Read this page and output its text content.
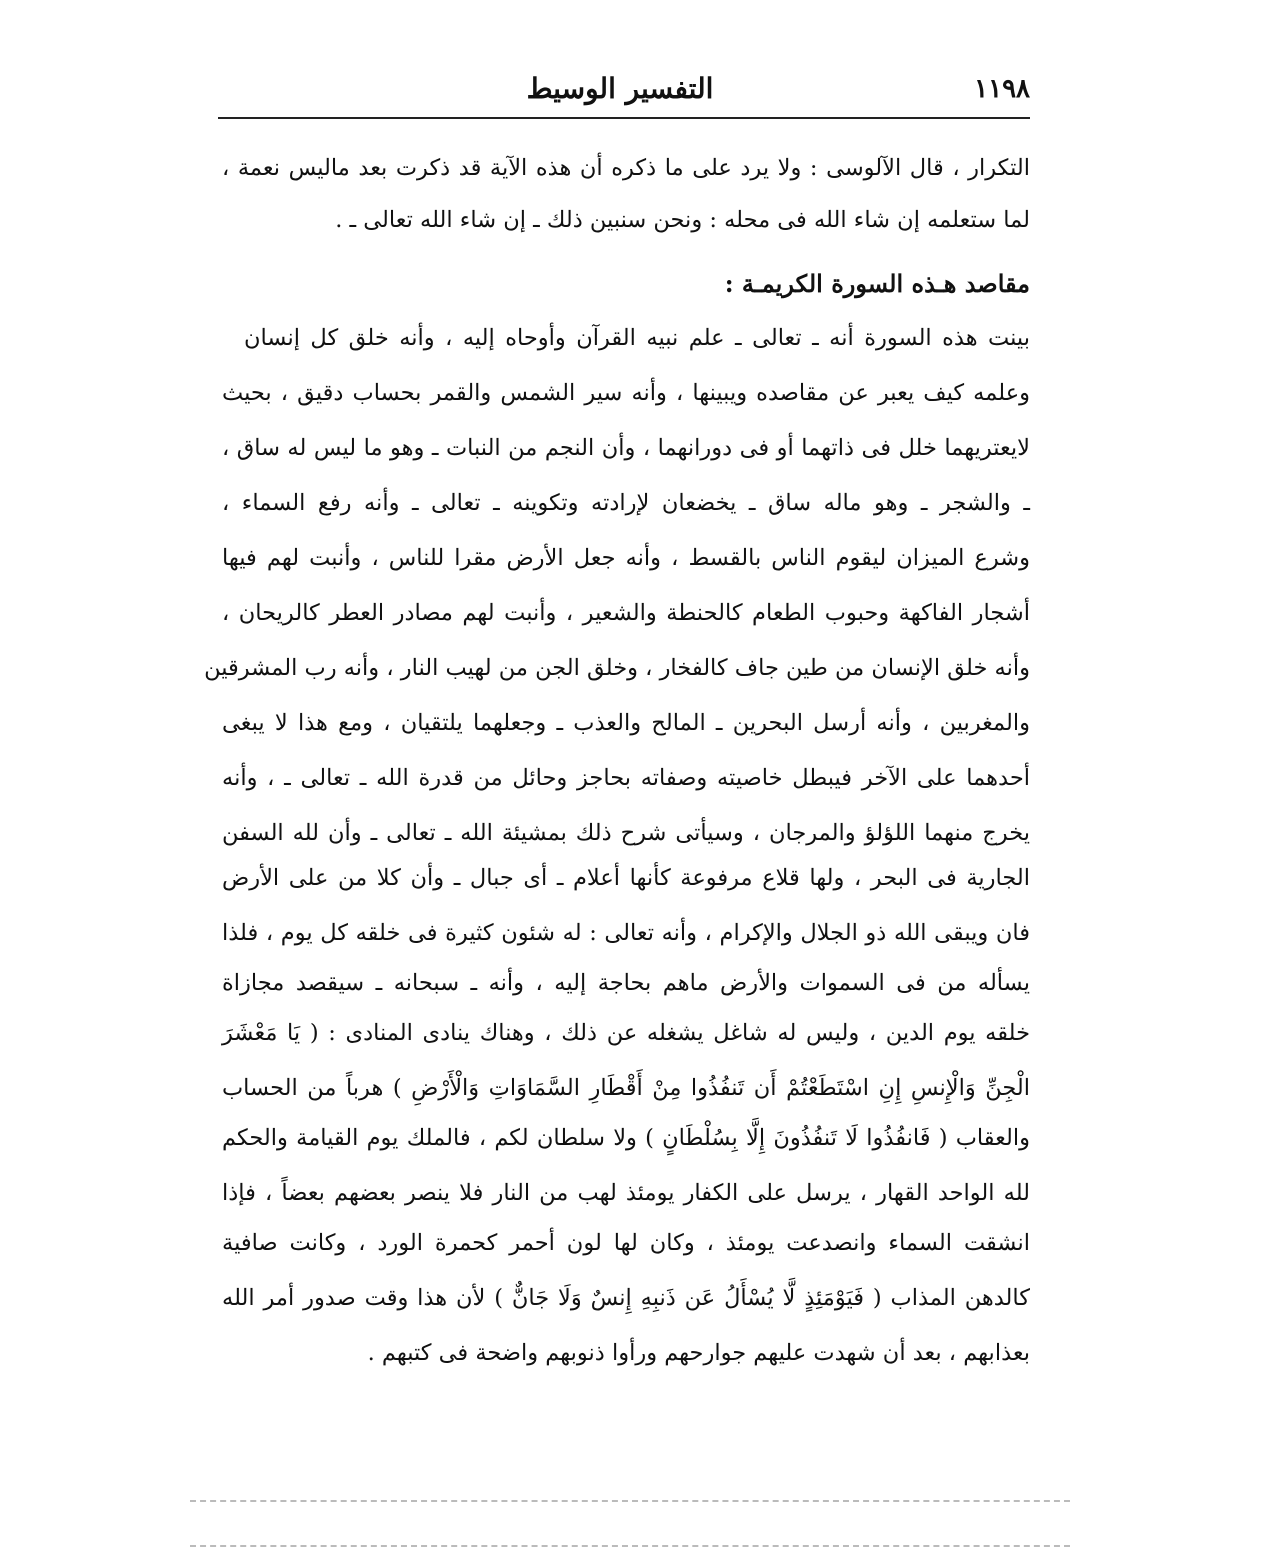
١١٩٨
التفسير الوسيط
التكرار ، قال الآلوسى : ولا يرد على ما ذكره أن هذه الآية قد ذكرت بعد ماليس نعمة ،
لما ستعلمه إن شاء الله فى محله : ونحن سنبين ذلك ـ إن شاء الله تعالى ـ .
مقاصد هـذه السورة الكريمـة :
بينت هذه السورة أنه ـ تعالى ـ علم نبيه القرآن وأوحاه إليه ، وأنه خلق كل إنسان
وعلمه كيف يعبر عن مقاصده ويبينها ، وأنه سير الشمس والقمر بحساب دقيق ، بحيث
لايعتريهما خلل فى ذاتهما أو فى دورانهما ، وأن النجم من النبات ـ وهو ما ليس له ساق ،
ـ والشجر ـ وهو ماله ساق ـ يخضعان لإرادته وتكوينه ـ تعالى ـ وأنه رفع السماء ،
وشرع الميزان ليقوم الناس بالقسط ، وأنه جعل الأرض مقرا للناس ، وأنبت لهم فيها
أشجار الفاكهة وحبوب الطعام كالحنطة والشعير ، وأنبت لهم مصادر العطر كالريحان ،
وأنه خلق الإنسان من طين جاف كالفخار ، وخلق الجن من لهيب النار ، وأنه رب المشرقين
والمغربين ، وأنه أرسل البحرين ـ المالح والعذب ـ وجعلهما يلتقيان ، ومع هذا لا يبغى
أحدهما على الآخر فيبطل خاصيته وصفاته بحاجز وحائل من قدرة الله ـ تعالى ـ ، وأنه
يخرج منهما اللؤلؤ والمرجان ، وسيأتى شرح ذلك بمشيئة الله ـ تعالى ـ وأن لله السفن
الجارية فى البحر ، ولها قلاع مرفوعة كأنها أعلام ـ أى جبال ـ وأن كلا من على الأرض
فان ويبقى الله ذو الجلال والإكرام ، وأنه تعالى : له شئون كثيرة فى خلقه كل يوم ، فلذا
يسأله من فى السموات والأرض ماهم بحاجة إليه ، وأنه ـ سبحانه ـ سيقصد مجازاة
خلقه يوم الدين ، وليس له شاغل يشغله عن ذلك ، وهناك ينادى المنادى : ( يَا مَعْشَرَ
الْجِنِّ وَالْإِنسِ إِنِ اسْتَطَعْتُمْ أَن تَنفُذُوا مِنْ أَقْطَارِ السَّمَاوَاتِ وَالْأَرْضِ ) هرباً من الحساب
والعقاب ( فَانفُذُوا لَا تَنفُذُونَ إِلَّا بِسُلْطَانٍ ) ولا سلطان لكم ، فالملك يوم القيامة والحكم
لله الواحد القهار ، يرسل على الكفار يومئذ لهب من النار فلا ينصر بعضهم بعضاً ، فإذا
انشقت السماء وانصدعت يومئذ ، وكان لها لون أحمر كحمرة الورد ، وكانت صافية
كالدهن المذاب ( فَيَوْمَئِذٍ لَّا يُسْأَلُ عَن ذَنبِهِ إِنسٌ وَلَا جَانٌّ ) لأن هذا وقت صدور أمر الله
بعذابهم ، بعد أن شهدت عليهم جوارحهم ورأوا ذنوبهم واضحة فى كتبهم .
